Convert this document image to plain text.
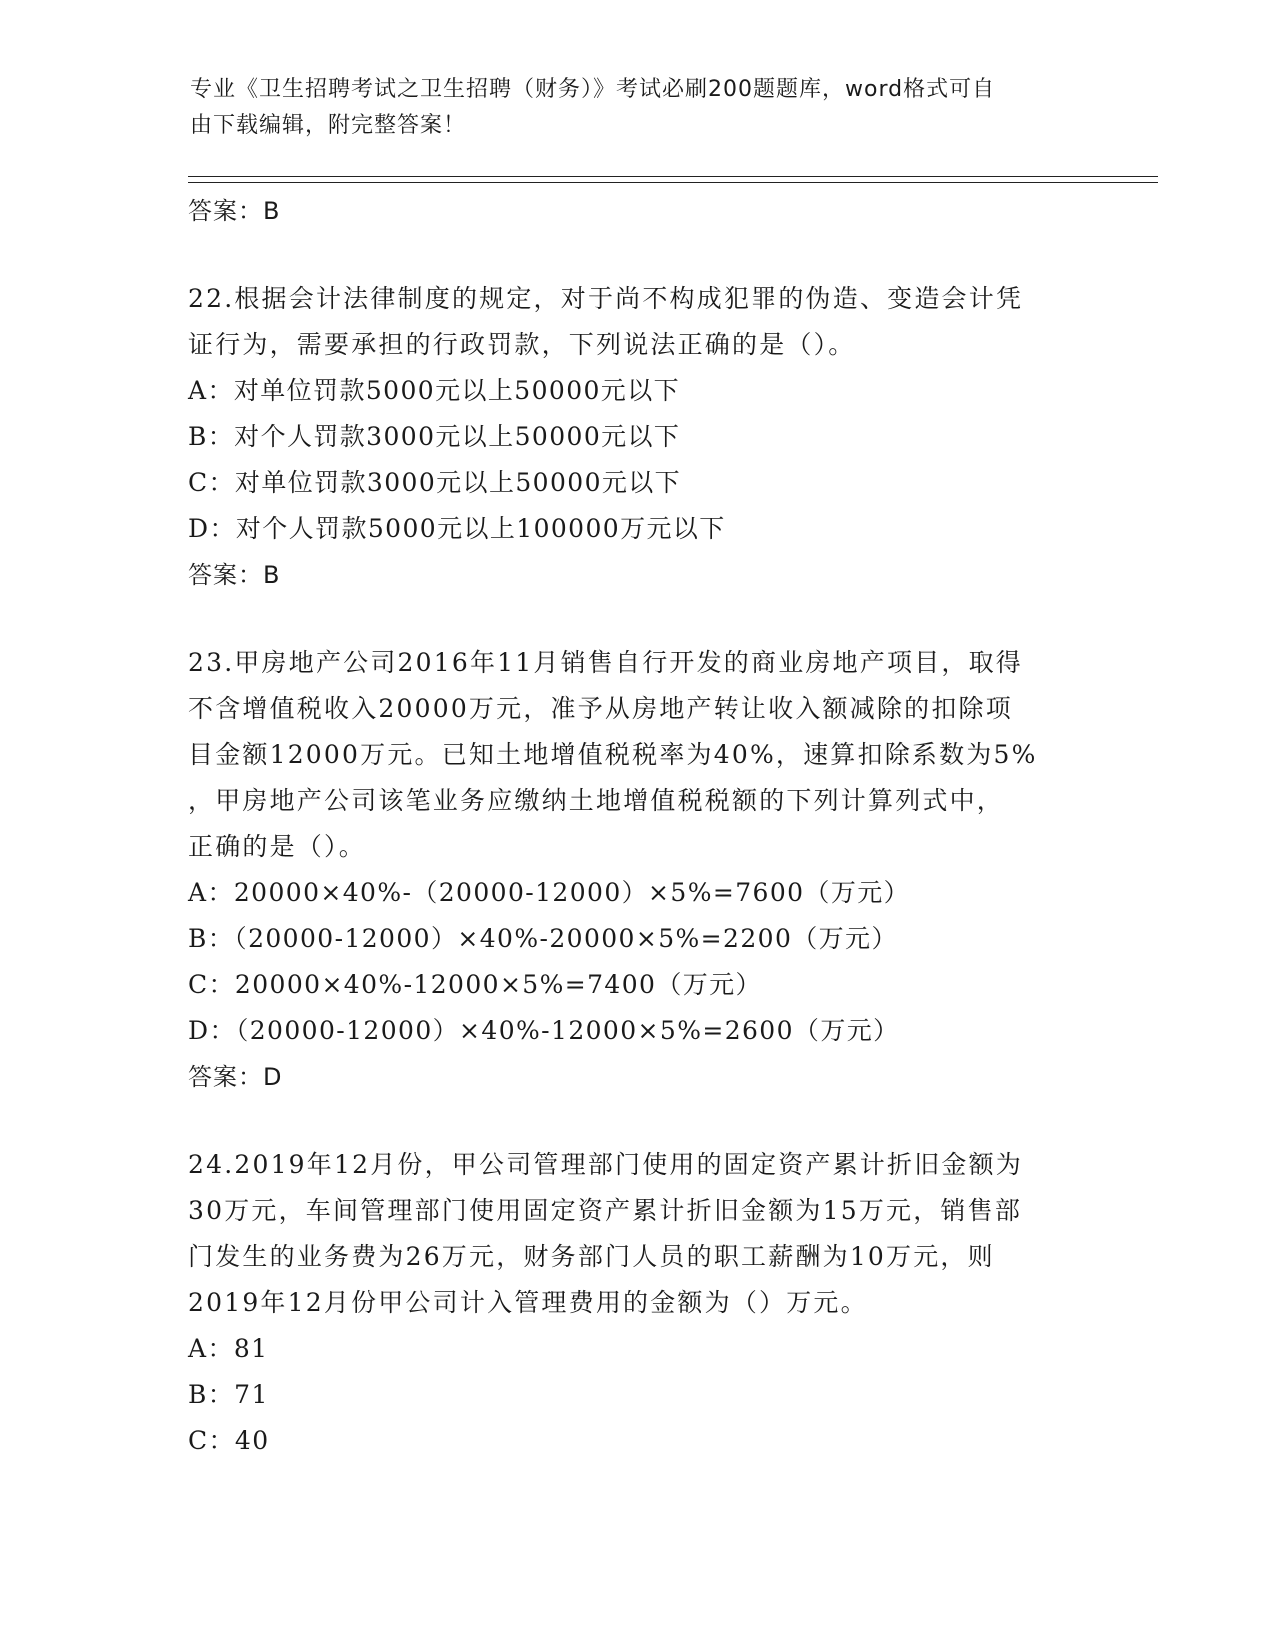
专业《卫生招聘考试之卫生招聘（财务）》考试必刷200题题库，word格式可自
由下载编辑，附完整答案！
答案：B
22.根据会计法律制度的规定，对于尚不构成犯罪的伪造、变造会计凭
证行为，需要承担的行政罚款，下列说法正确的是（）。
A：对单位罚款5000元以上50000元以下
B：对个人罚款3000元以上50000元以下
C：对单位罚款3000元以上50000元以下
D：对个人罚款5000元以上100000万元以下
答案：B
23.甲房地产公司2016年11月销售自行开发的商业房地产项目，取得
不含增值税收入20000万元，准予从房地产转让收入额减除的扣除项
目金额12000万元。已知土地增值税税率为40%，速算扣除系数为5%
，甲房地产公司该笔业务应缴纳土地增值税税额的下列计算列式中，
正确的是（）。
A：20000×40%-（20000-12000）×5%=7600（万元）
B：（20000-12000）×40%-20000×5%=2200（万元）
C：20000×40%-12000×5%=7400（万元）
D：（20000-12000）×40%-12000×5%=2600（万元）
答案：D
24.2019年12月份，甲公司管理部门使用的固定资产累计折旧金额为
30万元，车间管理部门使用固定资产累计折旧金额为15万元，销售部
门发生的业务费为26万元，财务部门人员的职工薪酬为10万元，则
2019年12月份甲公司计入管理费用的金额为（）万元。
A：81
B：71
C：40
